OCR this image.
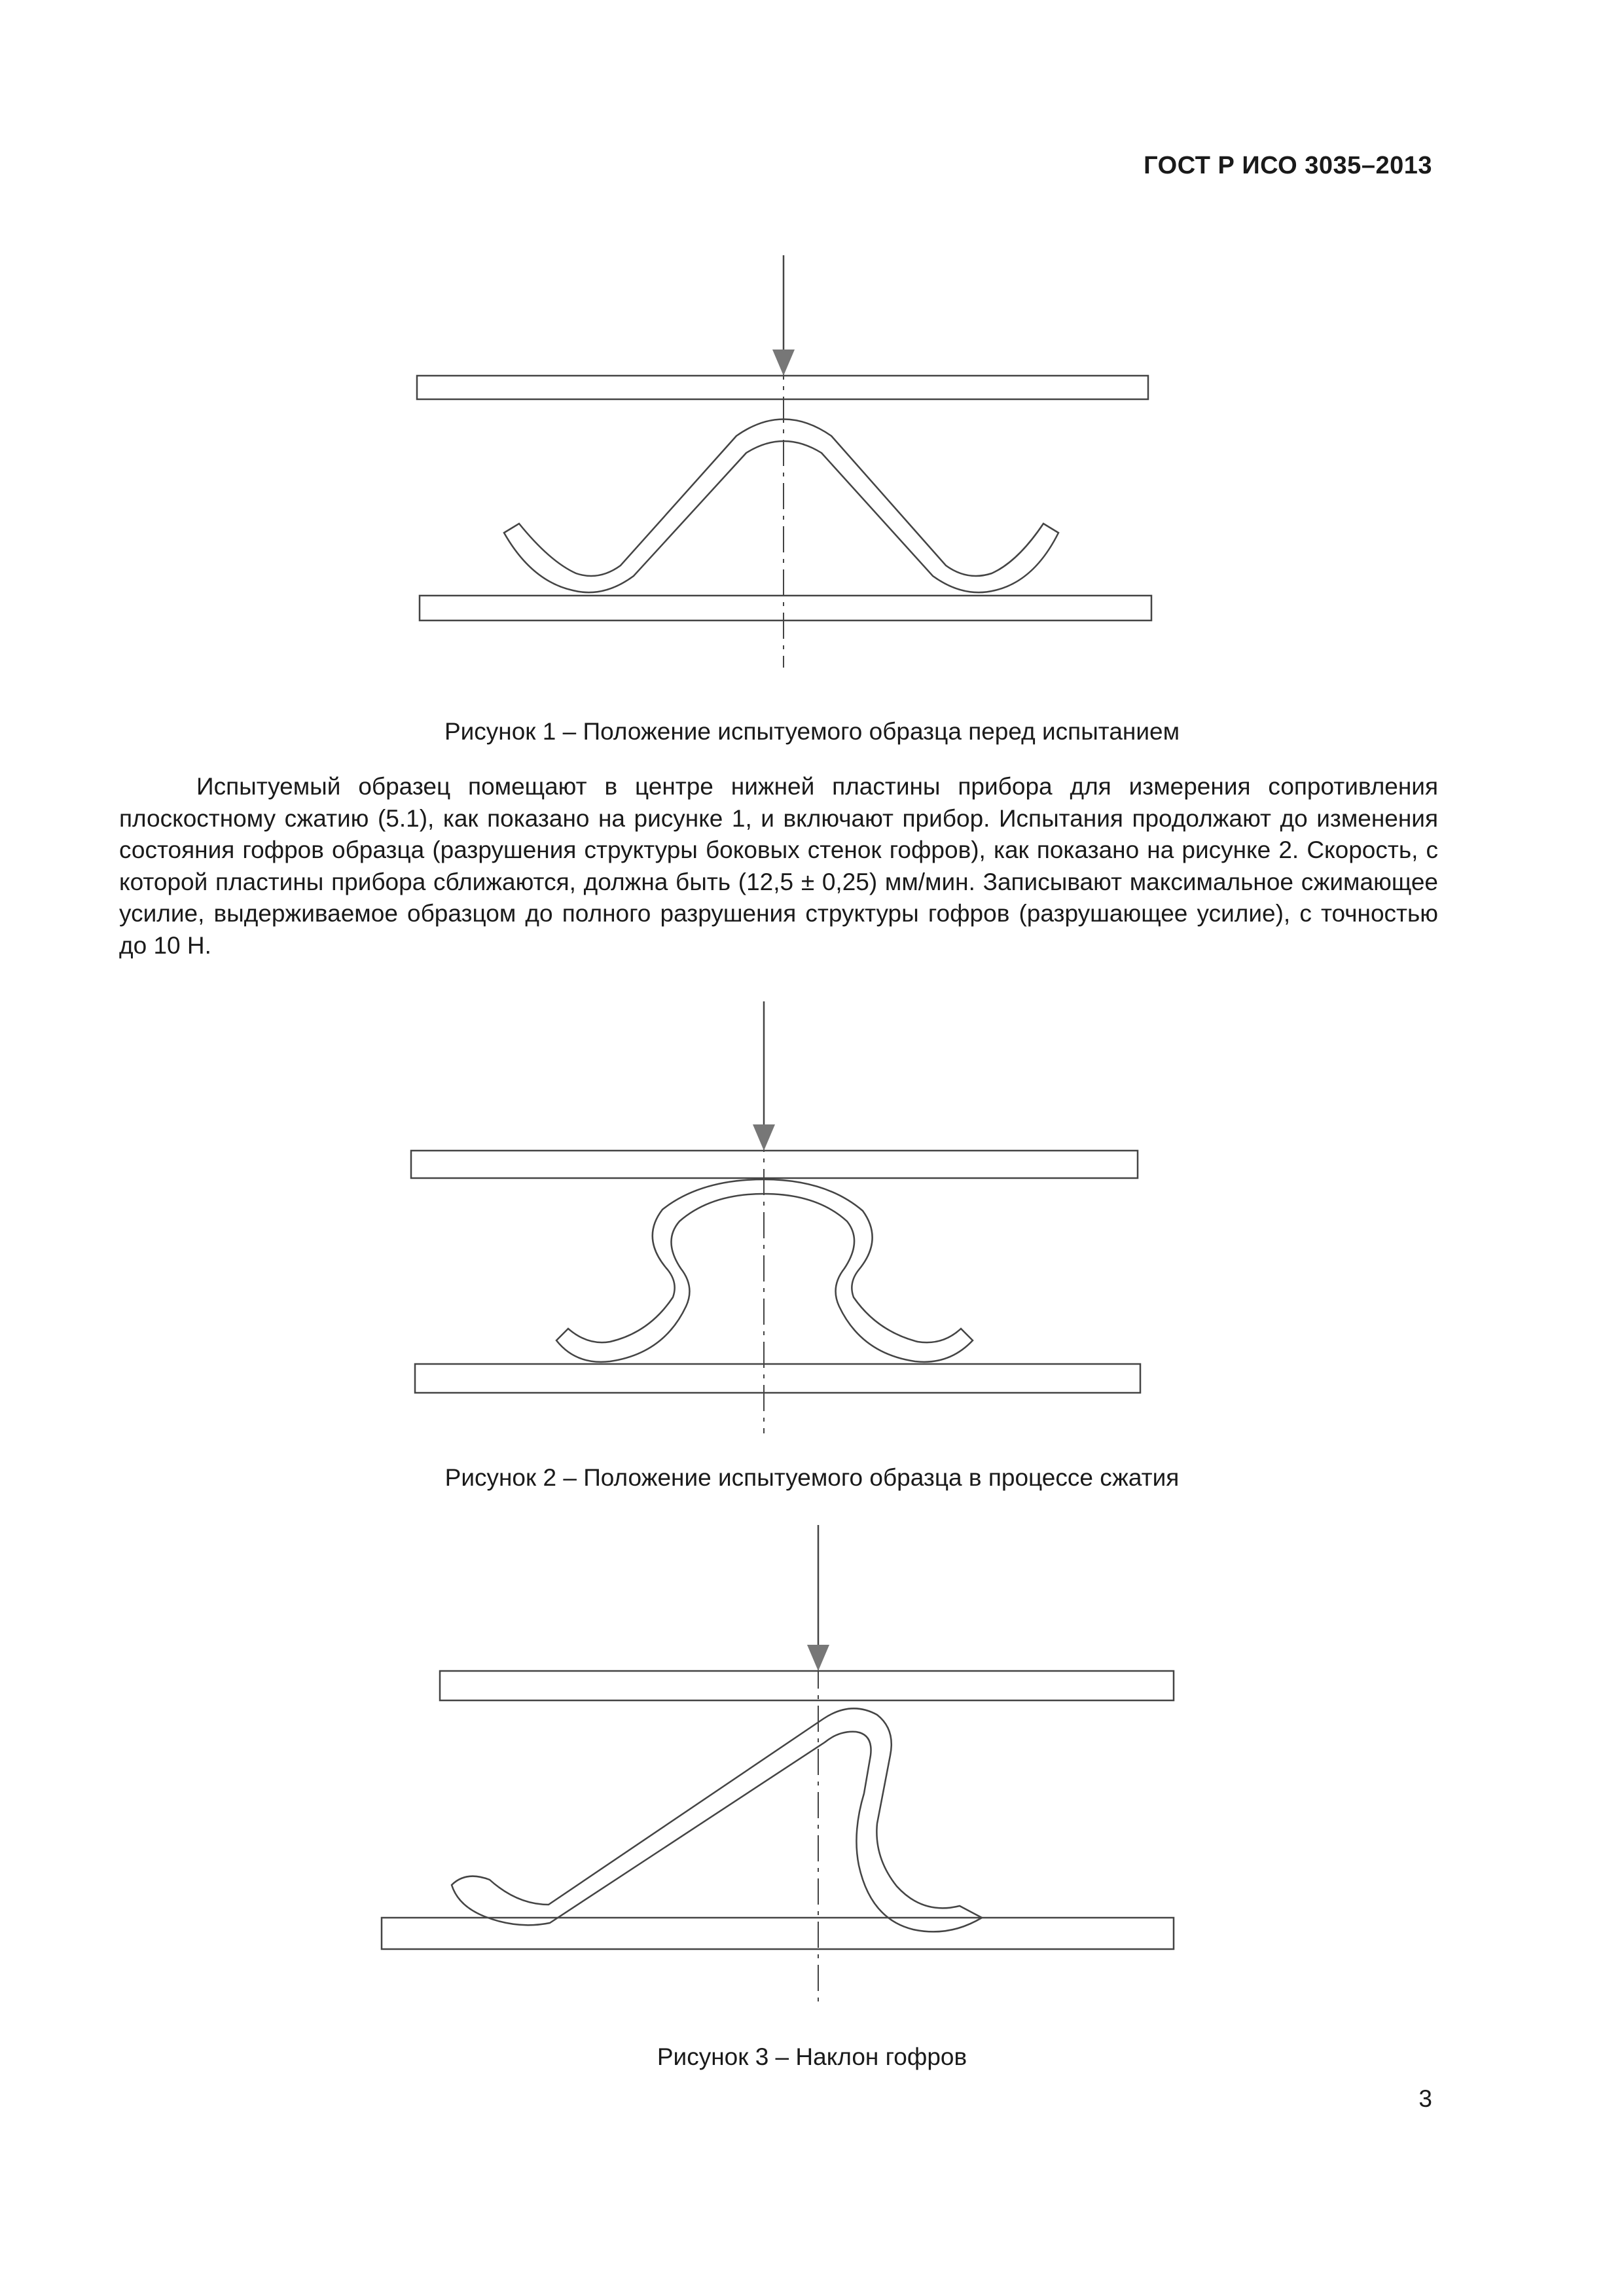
ГОСТ Р ИСО 3035–2013
Рисунок 1 – Положение испытуемого образца перед испытанием

Испытуемый образец помещают в центре нижней пластины прибора для измерения сопротивления плоскостному сжатию (5.1), как показано на рисунке 1, и включают прибор. Испытания продолжают до изменения состояния гофров образца (разрушения структуры боковых стенок гофров), как показано на рисунке 2. Скорость, с которой пластины прибора сближаются, должна быть (12,5 ± 0,25) мм/мин. Записывают максимальное сжимающее усилие, выдерживаемое образцом до полного разрушения структуры гофров (разрушающее усилие), с точностью до 10 Н.

Рисунок 2 – Положение испытуемого образца в процессе сжатия
Рисунок 3 – Наклон гофров
3
